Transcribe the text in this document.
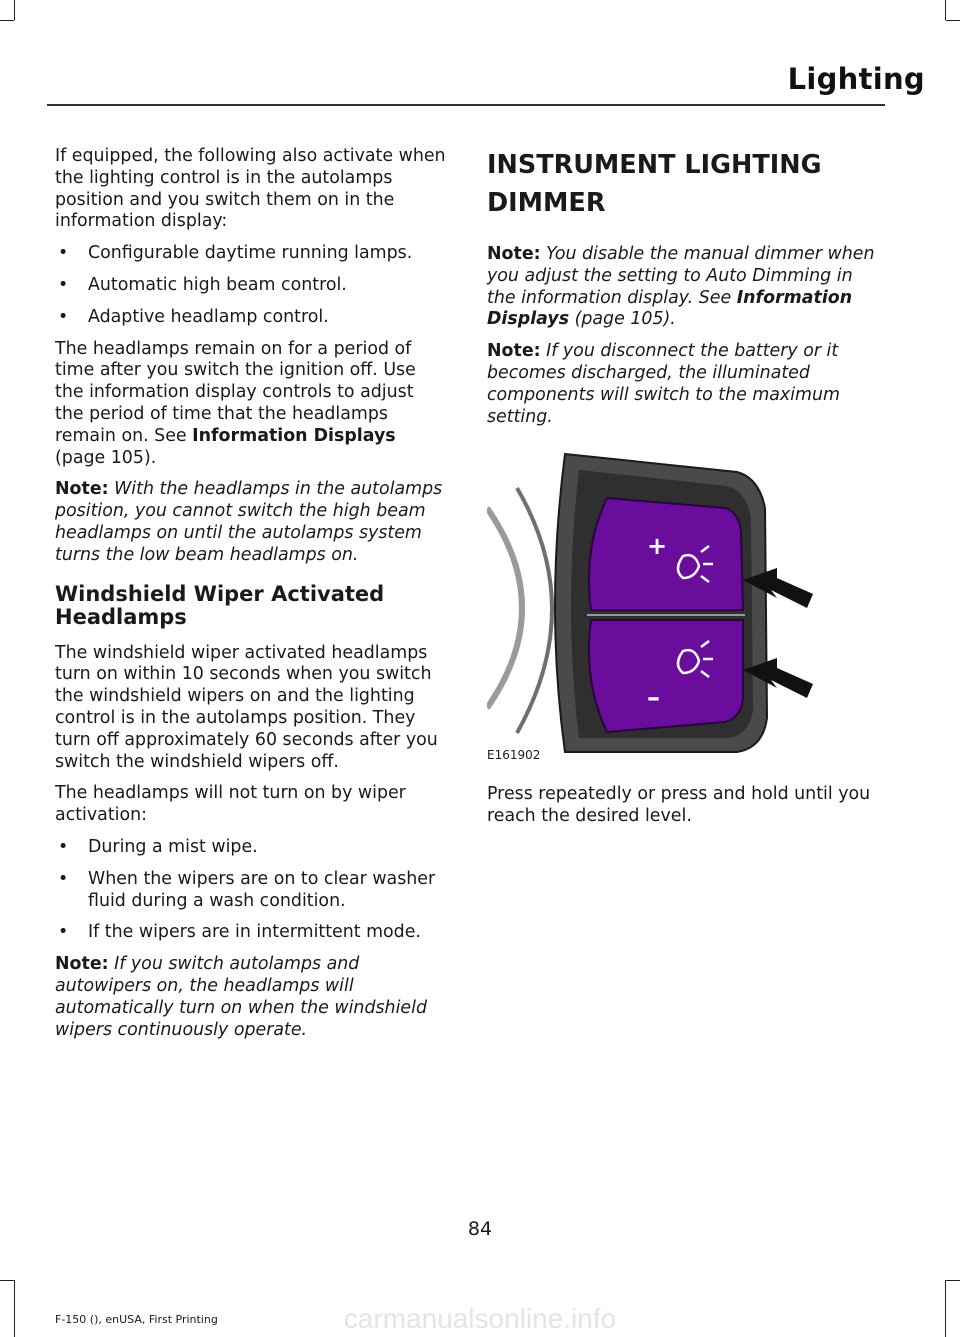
Lighting

If equipped, the following also activate when the lighting control is in the autolamps position and you switch them on in the information display:

• Configurable daytime running lamps.
• Automatic high beam control.
• Adaptive headlamp control.

The headlamps remain on for a period of time after you switch the ignition off. Use the information display controls to adjust the period of time that the headlamps remain on. See Information Displays
(page 105).

Note: With the headlamps in the autolamps position, you cannot switch the high beam headlamps on until the autolamps system turns the low beam headlamps on.

Windshield Wiper Activated Headlamps

The windshield wiper activated headlamps turn on within 10 seconds when you switch the windshield wipers on and the lighting control is in the autolamps position. They turn off approximately 60 seconds after you switch the windshield wipers off.

The headlamps will not turn on by wiper activation:

• During a mist wipe.
• When the wipers are on to clear washer fluid during a wash condition.
• If the wipers are in intermittent mode.

Note: If you switch autolamps and autowipers on, the headlamps will automatically turn on when the windshield wipers continuously operate.

INSTRUMENT LIGHTING
DIMMER

Note: You disable the manual dimmer when you adjust the setting to Auto Dimming in the information display. See Information Displays (page 105).

Note: If you disconnect the battery or it becomes discharged, the illuminated components will switch to the maximum setting.

+
–
E161902

Press repeatedly or press and hold until you reach the desired level.

84
F-150 (), enUSA, First Printing	carmanualsonline.info
